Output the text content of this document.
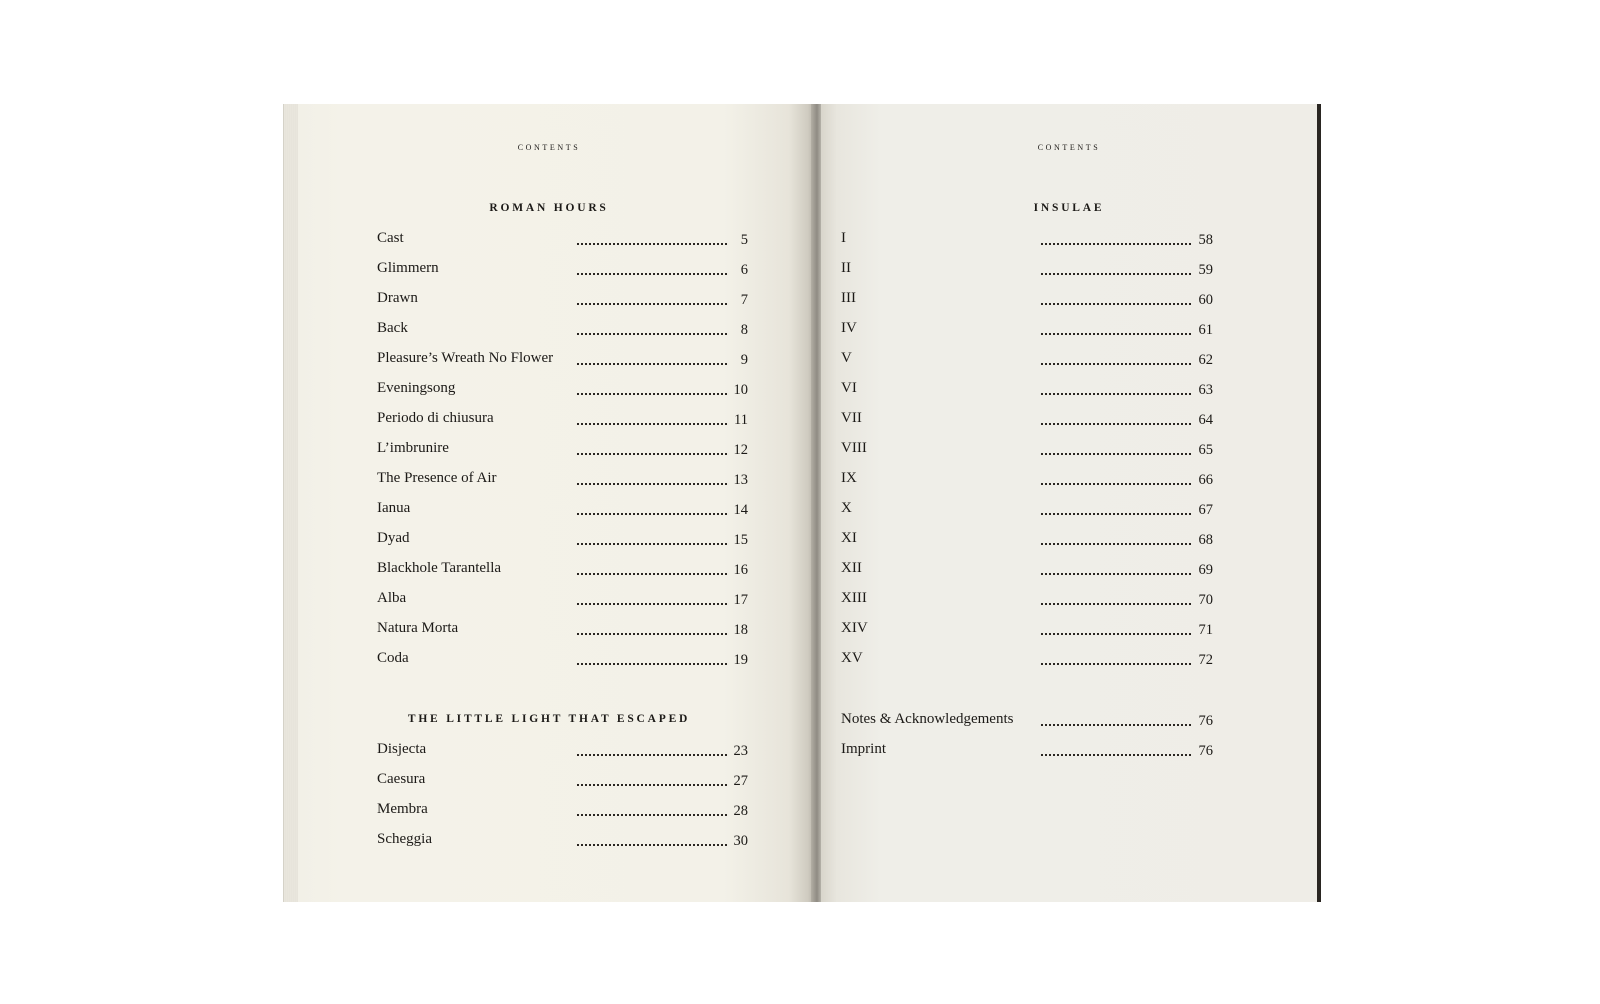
contents
ROMAN HOURS
Cast	5
Glimmern	6
Drawn	7
Back	8
Pleasure’s Wreath No Flower	9
Eveningsong	10
Periodo di chiusura	11
L’imbrunire	12
The Presence of Air	13
Ianua	14
Dyad	15
Blackhole Tarantella	16
Alba	17
Natura Morta	18
Coda	19
THE LITTLE LIGHT THAT ESCAPED
Disjecta	23
Caesura	27
Membra	28
Scheggia	30
contents
INSULAE
I	58
II	59
III	60
IV	61
V	62
VI	63
VII	64
VIII	65
IX	66
X	67
XI	68
XII	69
XIII	70
XIV	71
XV	72
Notes & Acknowledgements	76
Imprint	76
